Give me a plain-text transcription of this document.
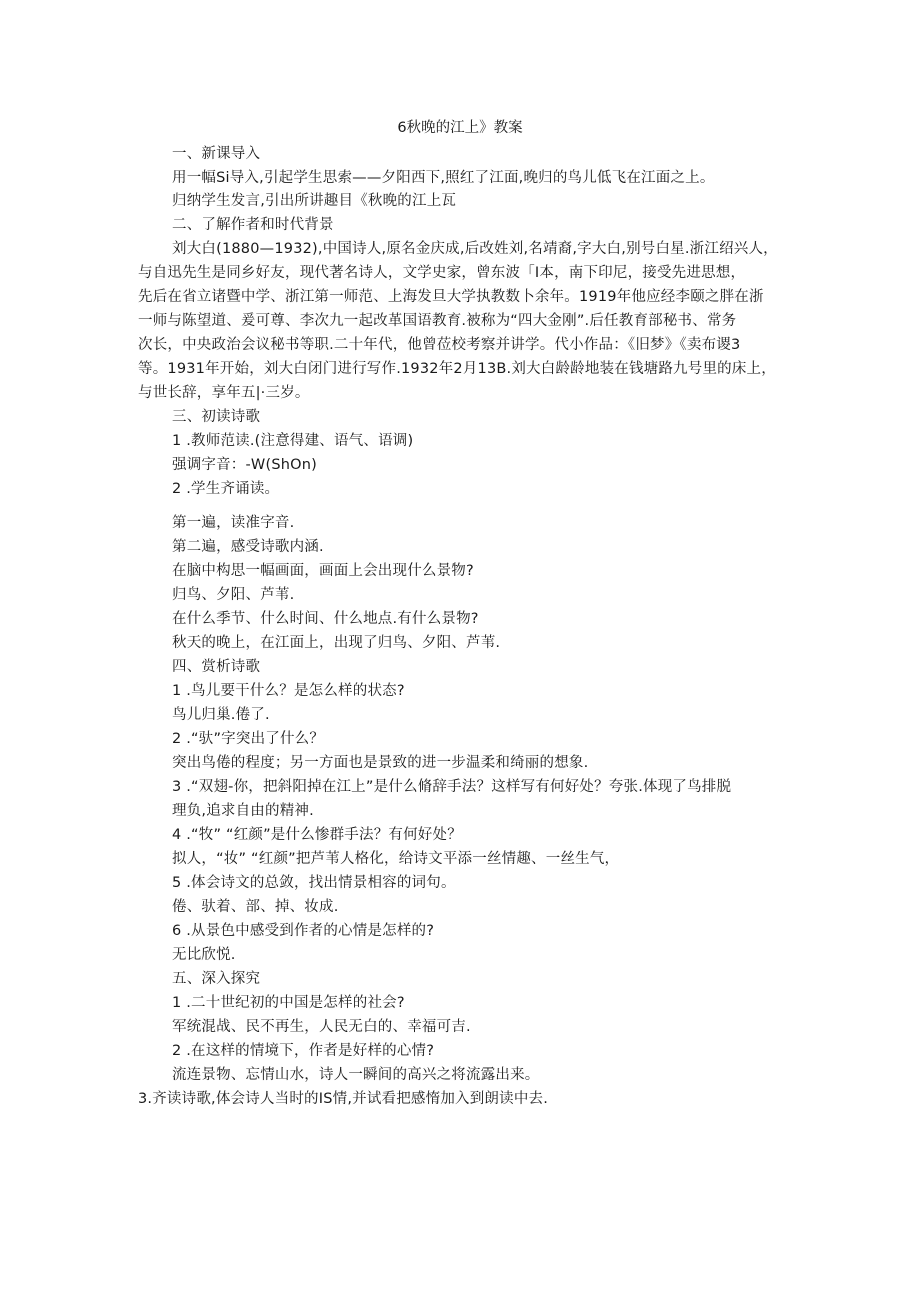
6秋晚的江上》教案
一、新课导入
用一幅Si导入,引起学生思索——夕阳西下,照红了江面,晚归的鸟儿低飞在江面之上。
归纳学生发言,引出所讲趣目《秋晚的江上瓦
二、了解作者和时代背景
刘大白(1880—1932),中国诗人,原名金庆成,后改姓刘,名靖裔,字大白,别号白星.浙江绍兴人，
与自迅先生是同乡好友，现代著名诗人，文学史家，曾东波「I本，南下印尼，接受先进思想，
先后在省立诸暨中学、浙江第一师范、上海发旦大学执教数卜余年。1919年他应经李颐之胖在浙
一师与陈望道、爰可尊、李次九一起改革国语教育.被称为“四大金刚”.后任教育部秘书、常务
次长，中央政治会议秘书等职.二十年代，他曾莅校考察并讲学。代小作品：《旧梦》《卖布谡3
等。1931年开始，刘大白闭门进行写作.1932年2月13B.刘大白龄龄地装在钱塘路九号里的床上，
与世长辞，享年五|·三岁。
三、初读诗歌
1 .教师范读.(注意得建、语气、语调)
强调字音：-W(ShOn)
2 .学生齐诵读。
第一遍，读准字音.
第二遍，感受诗歌内涵.
在脑中构思一幅画面，画面上会出现什么景物?
归鸟、夕阳、芦苇.
在什么季节、什么时间、什么地点.有什么景物?
秋天的晚上，在江面上，出现了归鸟、夕阳、芦苇.
四、赏析诗歌
1 .鸟儿要干什么？是怎么样的状态?
鸟儿归巢.倦了.
2 .“驮”字突出了什么？
突出鸟倦的程度；另一方面也是景致的进一步温柔和绮丽的想象.
3 .“双翅-你，把斜阳掉在江上”是什么脩辞手法？这样写有何好处？夸张.体现了鸟排脱
理负,追求自由的精神.
4 .“牧” “红颜”是什么惨群手法？有何好处？
拟人，“妆” “红颜”把芦苇人格化，给诗文平添一丝情趣、一丝生气，
5 .体会诗文的总敛，找出情景相容的词句。
倦、驮着、部、掉、妆成.
6 .从景色中感受到作者的心情是怎样的?
无比欣悦.
五、深入探究
1 .二十世纪初的中国是怎样的社会?
军统混战、民不再生，人民无白的、幸福可吉.
2 .在这样的情境下，作者是好样的心情?
流连景物、忘情山水，诗人一瞬间的高兴之将流露出来。
3.齐读诗歌,体会诗人当时的IS情,并试看把感惰加入到朗读中去.
